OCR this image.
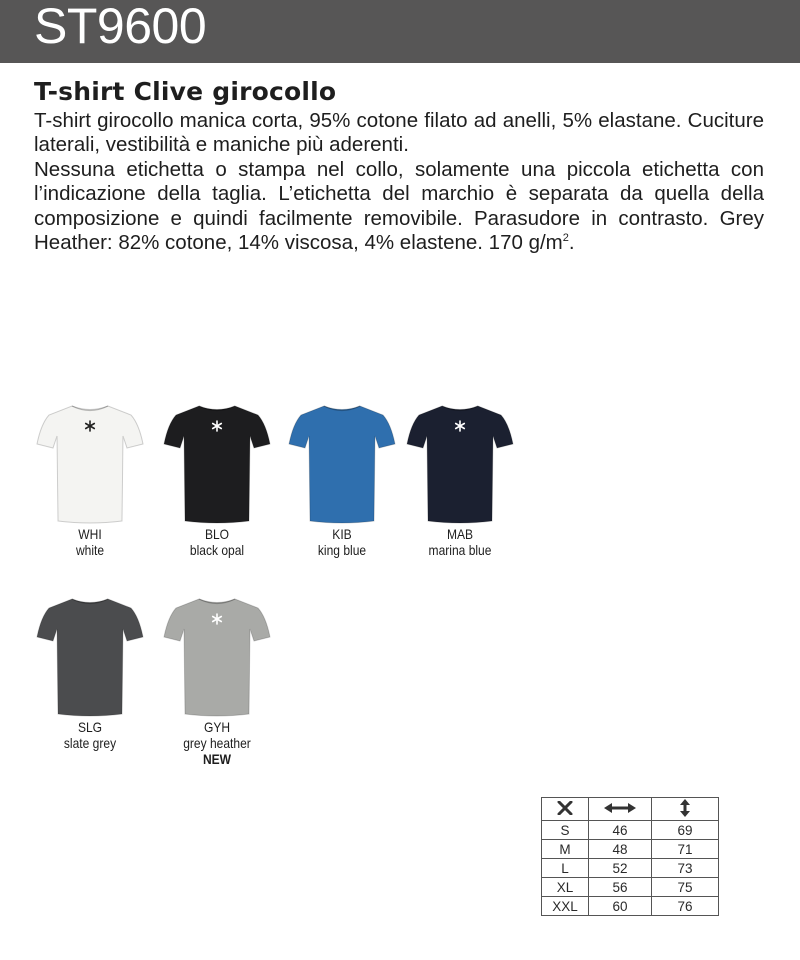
ST9600
T-shirt Clive girocollo

T-shirt girocollo manica corta, 95% cotone filato ad anelli, 5% elastane. Cuciture laterali, vestibilità e maniche più aderenti.

Nessuna etichetta o stampa nel collo, solamente una piccola etichetta con l’indicazione della taglia. L’etichetta del marchio è separata da quella della composizione e quindi facilmente removibile. Parasudore in contrasto. Grey Heather: 82% cotone, 14% viscosa, 4% elastene. 170 $g/m^2$.

WHI
white
BLO
black opal
KIB
king blue
MAB
marina blue
SLG
slate grey
GYH
grey heather
NEW

S	46	69
M	48	71
L	52	73
XL	56	75
XXL	60	76
